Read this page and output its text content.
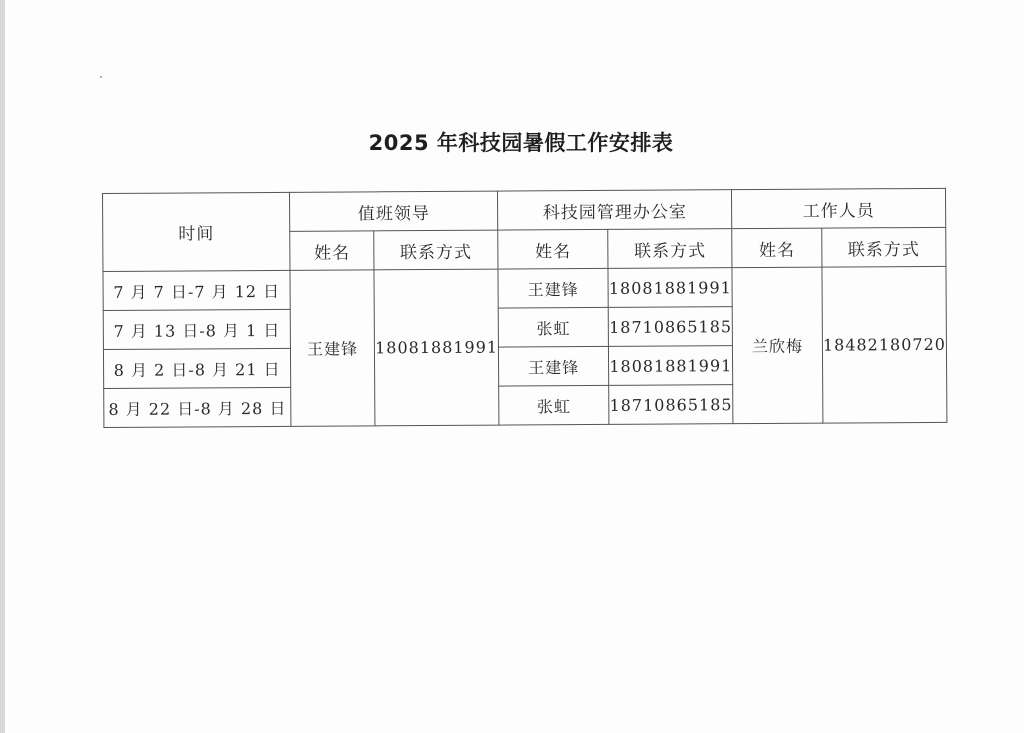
2025 年科技园暑假工作安排表
时间	值班领导		科技园管理办公室		工作人员	
	姓名	联系方式	姓名	联系方式	姓名	联系方式
7 月 7 日-7 月 12 日	王建锋	18081881991	王建锋	18081881991	兰欣梅	18482180720
7 月 13 日-8 月 1 日			张虹	18710865185		
8 月 2 日-8 月 21 日			王建锋	18081881991		
8 月 22 日-8 月 28 日			张虹	18710865185		
